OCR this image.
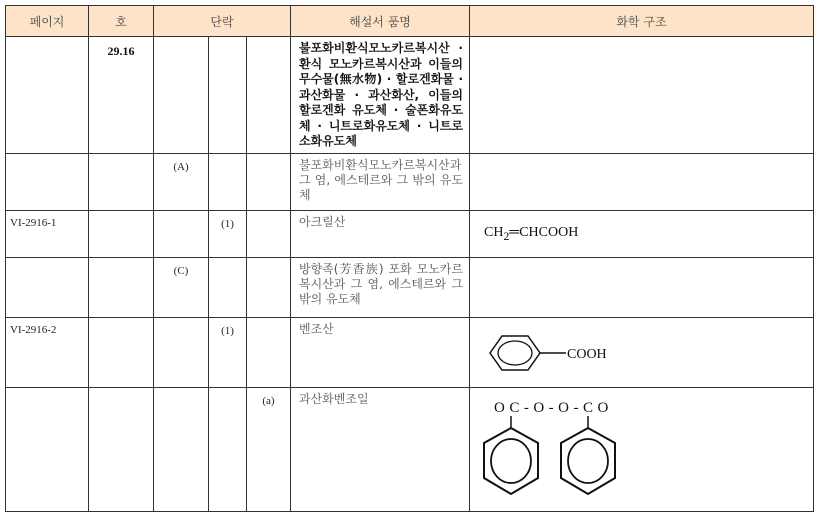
페이지	호	단락			해설서 품명	화학 구조
	29.16				불포화비환식모노카르복시산 · 환식 모노카르복시산과 이들의 무수물(無水物) · 할로겐화물 · 과산화물 · 과산화산, 이들의 할로겐화 유도체 · 술폰화유도체 · 니트로화유도체 · 니트로소화유도체	
		(A)			불포화비환식모노카르복시산과 그 염, 에스테르와 그 밖의 유도체	
VI-2916-1			(1)		아크릴산	$CH_2═CHCOOH$

		(C)			방향족(芳香族) 포화 모노카르복시산과 그 염, 에스테르와 그 밖의 유도체	
VI-2916-2			(1)		벤조산	COOH

				(a)	과산화벤조일	OC-O-O-CO
